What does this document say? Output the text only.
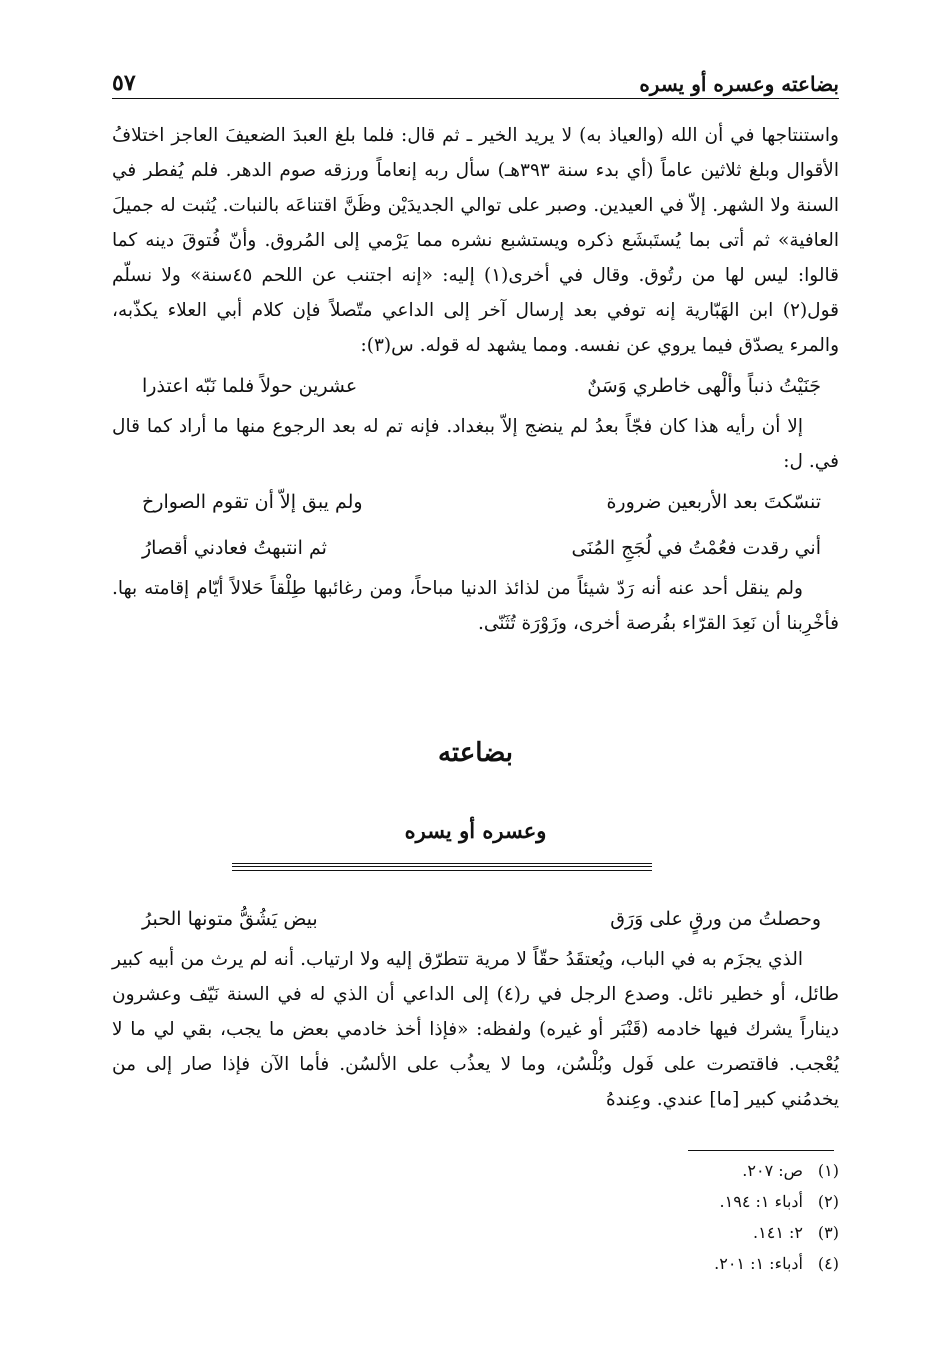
٥٧	بضاعته وعسره أو يسره

واستنتاجها في أن الله (والعياذ به) لا يريد الخير ـ ثم قال: فلما بلغ العبدَ الضعيفَ العاجز اختلافُ الأقوال وبلغ ثلاثين عاماً (أي بدء سنة ٣٩٣هـ) سأل ربه إنعاماً ورزقه صوم الدهر. فلم يُفطر في السنة ولا الشهر. إلاّ في العيدين. وصبر على توالي الجديدَيْن وظَنَّ اقتناعَه بالنبات. يُثبت له جميلَ العافية» ثم أتى بما يُستَبشَع ذكره ويستشبع نشره مما يَرْمي إلى المُروق. وأنّ فُتوقَ دينه كما قالوا: ليس لها من رتُوق. وقال في أخرى(١) إليه: «إنه اجتنب عن اللحم ٤٥سنة» ولا نسلّم قول(٢) ابن الهَبّارية إنه توفي بعد إرسال آخر إلى الداعي متّصلاً فإن كلام أبي العلاء يكذّبه، والمرء يصدّق فيما يروي عن نفسه. ومما يشهد له قوله. س(٣):

جَنَيْتُ ذنباً وألْهى خاطري وَسَنٌ
عشرين حولاً فلما نَبّه اعتذرا

إلا أن رأيه هذا كان فجّاً بعدُ لم ينضج إلاّ ببغداد. فإنه تم له بعد الرجوع منها ما أراد كما قال في. ل:

تنسّكتَ بعد الأربعين ضرورة
ولم يبق إلاّ أن تقوم الصوارخ
أني رقدت فعُمْتُ في لُجَجِ المُنَى
ثم انتبهتُ فعادني أقصارُ

ولم ينقل أحد عنه أنه رَدّ شيئاً من لذائذ الدنيا مباحاً، ومن رغائبها طِلْقاً حَلالاً أيّام إقامته بها. فأخْرِبنا أن نَعِدَ القرّاء بفُرصة أخرى، وزَوْرَة تُثَنّى.

بضاعته
وعسره أو يسره
وحصلتُ من ورقٍ على وَرَق
بيض يَشُقُّ متونها الحبرُ

الذي يجزَم به في الباب، ويُعتقَدُ حقّاً لا مرية تتطرّق إليه ولا ارتياب. أنه لم يرث من أبيه كبير طائل، أو خطير نائل. وصدع الرجل في ر(٤) إلى الداعي أن الذي له في السنة نَيّف وعشرون ديناراً يشرك فيها خادمه (قَنْبَر أو غيره) ولفظه: «فإذا أخذ خادمي بعض ما يجب، بقي لي ما لا يُعْجب. فاقتصرت على فَول وبُلْسُن، وما لا يعذُب على الألسُن. فأما الآن فإذا صار إلى من يخدمُني كبير [ما] عندي. وعِندهُ

(١)ص: ٢٠٧.
(٢)أدباء ١: ١٩٤.
(٣)٢: ١٤١.
(٤)أدباء: ١: ٢٠١.
